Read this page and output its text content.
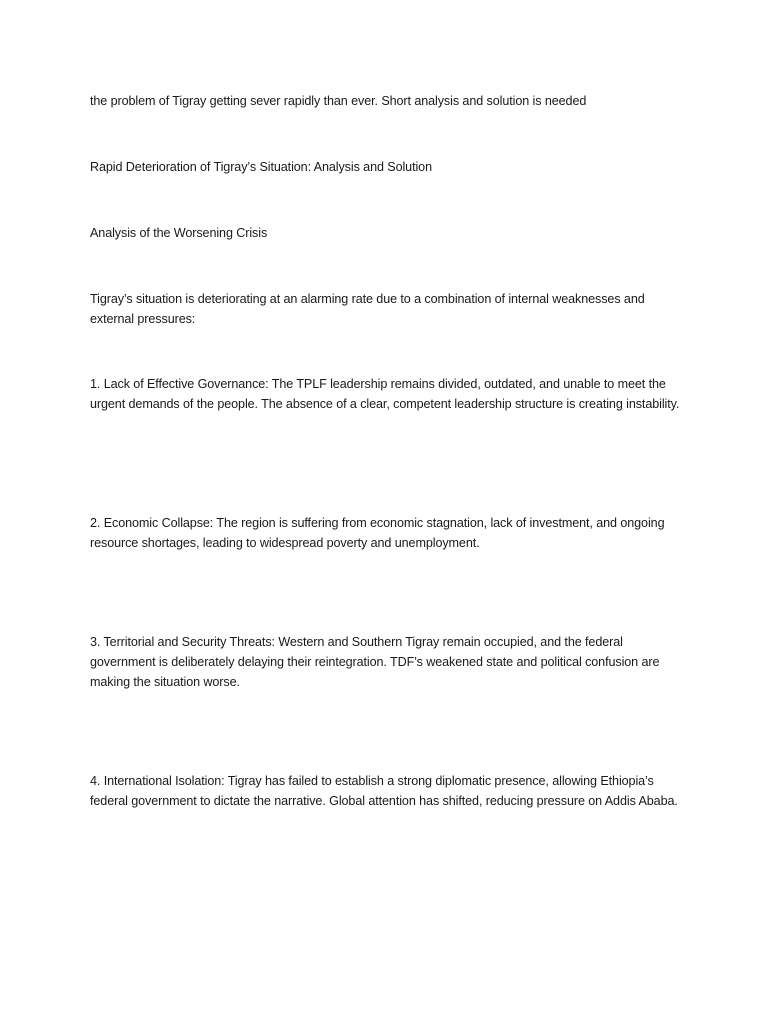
the problem of Tigray getting sever rapidly than ever. Short analysis and solution is needed

Rapid Deterioration of Tigray’s Situation: Analysis and Solution

Analysis of the Worsening Crisis

Tigray’s situation is deteriorating at an alarming rate due to a combination of internal weaknesses and external pressures:

1. Lack of Effective Governance: The TPLF leadership remains divided, outdated, and unable to meet the urgent demands of the people. The absence of a clear, competent leadership structure is creating instability.

2. Economic Collapse: The region is suffering from economic stagnation, lack of investment, and ongoing resource shortages, leading to widespread poverty and unemployment.

3. Territorial and Security Threats: Western and Southern Tigray remain occupied, and the federal government is deliberately delaying their reintegration. TDF’s weakened state and political confusion are making the situation worse.

4. International Isolation: Tigray has failed to establish a strong diplomatic presence, allowing Ethiopia’s federal government to dictate the narrative. Global attention has shifted, reducing pressure on Addis Ababa.
